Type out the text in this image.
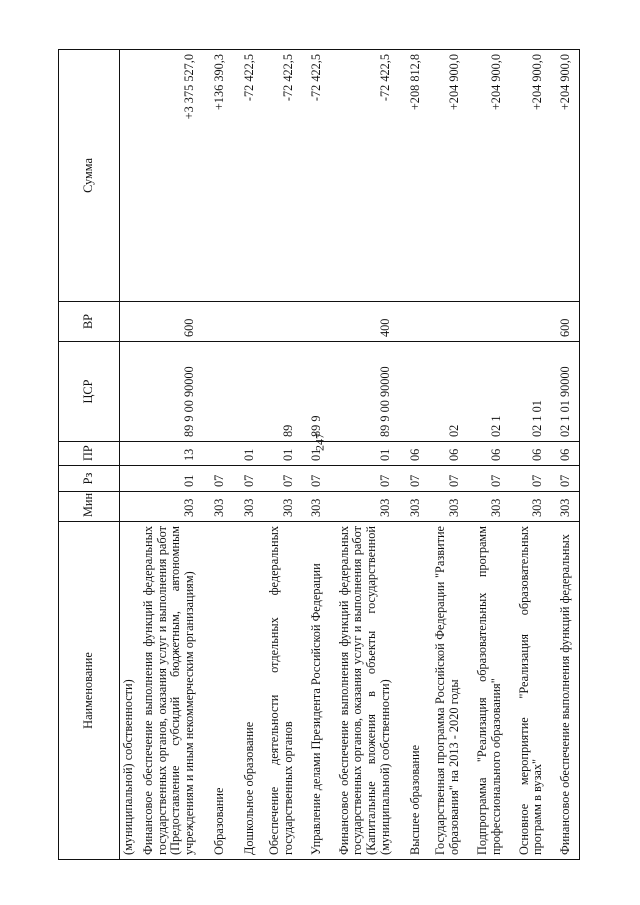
247
Наименование	Мин	Рз	ПР	ЦСР	ВР	Сумма
(муниципальной) собственности)						
Финансовое обеспечение выполнения функций федеральных государственных органов, оказания услуг и выполнения работ (Предоставление субсидий бюджетным, автономным учреждениям и иным некоммерческим организациям)	303	01	13	89 9 00 90000	600	+3 375 527,0
Образование	303	07				+136 390,3
Дошкольное образование	303	07	01			-72 422,5
Обеспечение деятельности отдельных федеральных государственных органов	303	07	01	89		-72 422,5
Управление делами Президента Российской Федерации	303	07	01	89 9		-72 422,5
Финансовое обеспечение выполнения функций федеральных государственных органов, оказания услуг и выполнения работ (Капитальные вложения в объекты государственной (муниципальной) собственности)	303	07	01	89 9 00 90000	400	-72 422,5
Высшее образование	303	07	06			+208 812,8
Государственная программа Российской Федерации "Развитие образования" на 2013 - 2020 годы	303	07	06	02		+204 900,0
Подпрограмма "Реализация образовательных программ профессионального образования"	303	07	06	02 1		+204 900,0
Основное мероприятие "Реализация образовательных программ в вузах"	303	07	06	02 1 01		+204 900,0
Финансовое обеспечение выполнения функций федеральных	303	07	06	02 1 01 90000	600	+204 900,0
